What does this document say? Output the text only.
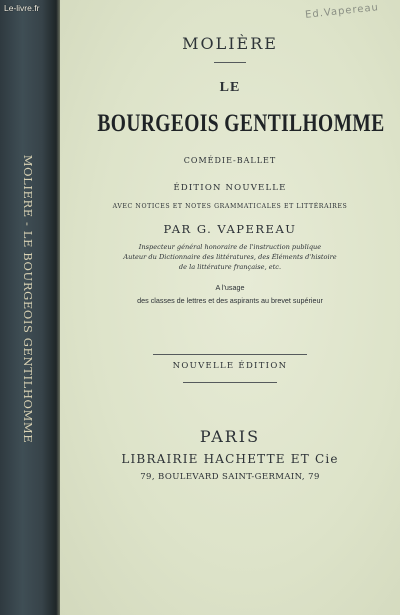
MOLIERE - LE BOURGEOIS GENTILHOMME
Le-livre.fr	Ed.Vapereau
MOLIÈRE
LE
BOURGEOIS GENTILHOMME
COMÉDIE-BALLET
ÉDITION NOUVELLE
AVEC NOTICES ET NOTES GRAMMATICALES ET LITTÉRAIRES
PAR G. VAPEREAU
Inspecteur général honoraire de l'instruction publique
Auteur du Dictionnaire des littératures, des Éléments d'histoire
de la littérature française, etc.
A l'usage
des classes de lettres et des aspirants au brevet supérieur
NOUVELLE ÉDITION
PARIS
LIBRAIRIE HACHETTE ET Cie
79, BOULEVARD SAINT-GERMAIN, 79
